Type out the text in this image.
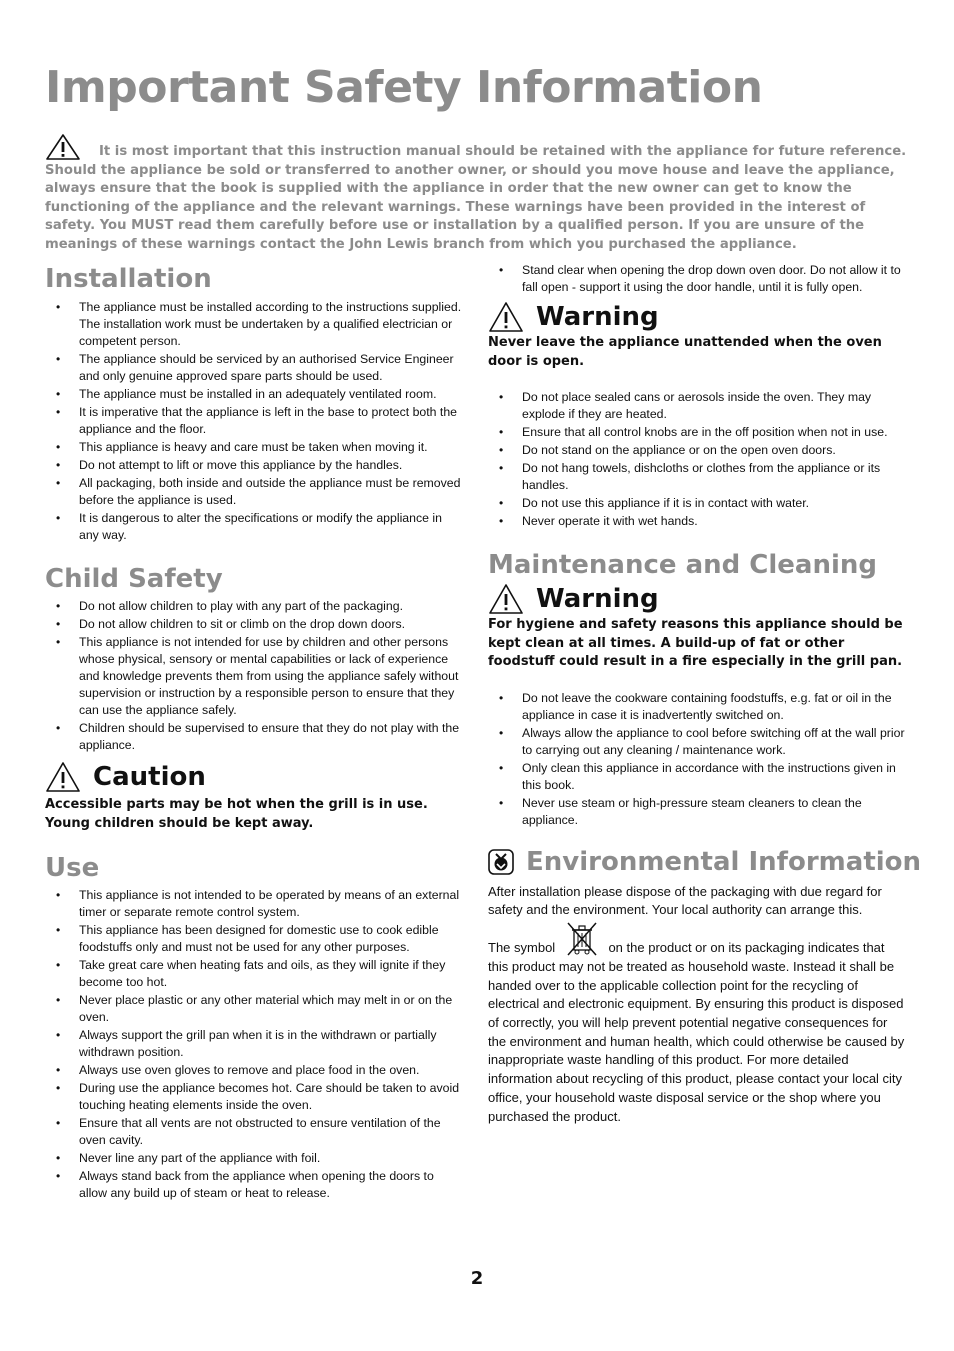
Important Safety Information
It is most important that this instruction manual should be retained with the appliance for future reference. Should the appliance be sold or transferred to another owner, or should you move house and leave the appliance, always ensure that the book is supplied with the appliance in order that the new owner can get to know the functioning of the appliance and the relevant warnings. These warnings have been provided in the interest of safety. You MUST read them carefully before use or installation by a qualified person. If you are unsure of the meanings of these warnings contact the John Lewis branch from which you purchased the appliance.
Installation
• The appliance must be installed according to the instructions supplied. The installation work must be undertaken by a qualified electrician or competent person.
• The appliance should be serviced by an authorised Service Engineer and only genuine approved spare parts should be used.
• The appliance must be installed in an adequately ventilated room.
• It is imperative that the appliance is left in the base to protect both the appliance and the floor.
• This appliance is heavy and care must be taken when moving it.
• Do not attempt to lift or move this appliance by the handles.
• All packaging, both inside and outside the appliance must be removed before the appliance is used.
• It is dangerous to alter the specifications or modify the appliance in any way.
Child Safety
• Do not allow children to play with any part of the packaging.
• Do not allow children to sit or climb on the drop down doors.
• This appliance is not intended for use by children and other persons whose physical, sensory or mental capabilities or lack of experience and knowledge prevents them from using the appliance safely without supervision or instruction by a responsible person to ensure that they can use the appliance safely.
• Children should be supervised to ensure that they do not play with the appliance.
Caution
Accessible parts may be hot when the grill is in use. Young children should be kept away.
Use
• This appliance is not intended to be operated by means of an external timer or separate remote control system.
• This appliance has been designed for domestic use to cook edible foodstuffs only and must not be used for any other purposes.
• Take great care when heating fats and oils, as they will ignite if they become too hot.
• Never place plastic or any other material which may melt in or on the oven.
• Always support the grill pan when it is in the withdrawn or partially withdrawn position.
• Always use oven gloves to remove and place food in the oven.
• During use the appliance becomes hot. Care should be taken to avoid touching heating elements inside the oven.
• Ensure that all vents are not obstructed to ensure ventilation of the oven cavity.
• Never line any part of the appliance with foil.
• Always stand back from the appliance when opening the doors to allow any build up of steam or heat to release.
• Stand clear when opening the drop down oven door. Do not allow it to fall open - support it using the door handle, until it is fully open.
Warning
Never leave the appliance unattended when the oven door is open.
• Do not place sealed cans or aerosols inside the oven. They may explode if they are heated.
• Ensure that all control knobs are in the off position when not in use.
• Do not stand on the appliance or on the open oven doors.
• Do not hang towels, dishcloths or clothes from the appliance or its handles.
• Do not use this appliance if it is in contact with water.
• Never operate it with wet hands.
Maintenance and Cleaning
Warning
For hygiene and safety reasons this appliance should be kept clean at all times. A build-up of fat or other foodstuff could result in a fire especially in the grill pan.
• Do not leave the cookware containing foodstuffs, e.g. fat or oil in the appliance in case it is inadvertently switched on.
• Always allow the appliance to cool before switching off at the wall prior to carrying out any cleaning / maintenance work.
• Only clean this appliance in accordance with the instructions given in this book.
• Never use steam or high-pressure steam cleaners to clean the appliance.
Environmental Information
After installation please dispose of the packaging with due regard for safety and the environment. Your local authority can arrange this.
The symbol	on the product or on its packaging indicates that this product may not be treated as household waste. Instead it shall be handed over to the applicable collection point for the recycling of electrical and electronic equipment. By ensuring this product is disposed of correctly, you will help prevent potential negative consequences for the environment and human health, which could otherwise be caused by inappropriate waste handling of this product. For more detailed information about recycling of this product, please contact your local city office, your household waste disposal service or the shop where you purchased the product.
2
